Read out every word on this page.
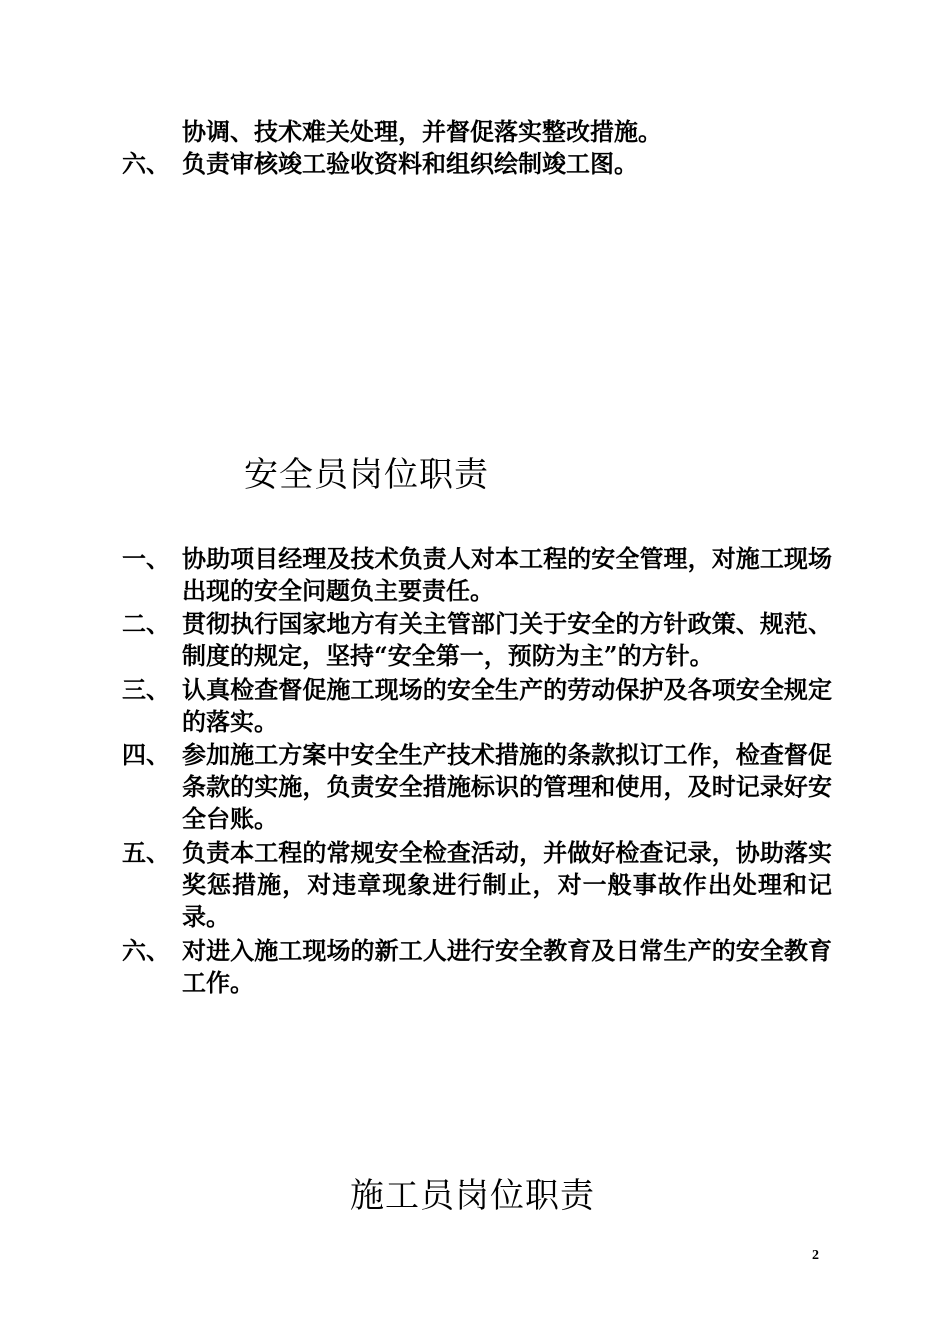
协调、技术难关处理，并督促落实整改措施。
六、 负责审核竣工验收资料和组织绘制竣工图。
安全员岗位职责
一、 协助项目经理及技术负责人对本工程的安全管理，对施工现场出现的安全问题负主要责任。
二、 贯彻执行国家地方有关主管部门关于安全的方针政策、规范、制度的规定，坚持“安全第一，预防为主”的方针。
三、 认真检查督促施工现场的安全生产的劳动保护及各项安全规定的落实。
四、 参加施工方案中安全生产技术措施的条款拟订工作，检查督促条款的实施，负责安全措施标识的管理和使用，及时记录好安全台账。
五、 负责本工程的常规安全检查活动，并做好检查记录，协助落实奖惩措施，对违章现象进行制止，对一般事故作出处理和记录。
六、 对进入施工现场的新工人进行安全教育及日常生产的安全教育工作。
施工员岗位职责
2
